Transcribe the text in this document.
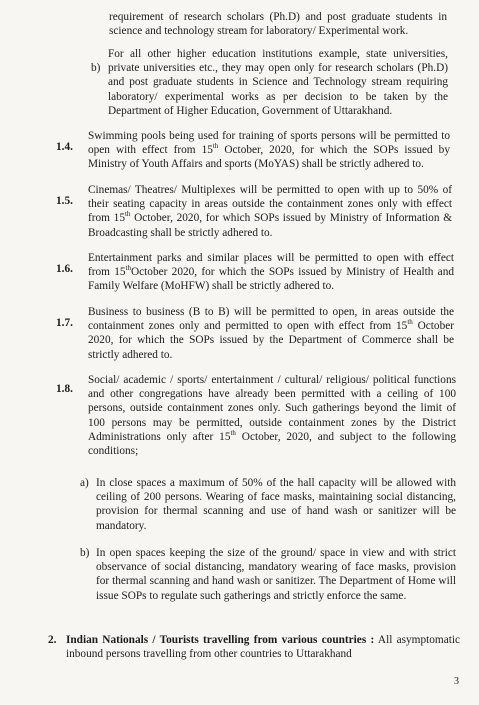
requirement of research scholars (Ph.D) and post graduate students in science and technology stream for laboratory/ Experimental work.

b)

For all other higher education institutions example, state universities, private universities etc., they may open only for research scholars (Ph.D) and post graduate students in Science and Technology stream requiring laboratory/ experimental works as per decision to be taken by the Department of Higher Education, Government of Uttarakhand.

1.4.

Swimming pools being used for training of sports persons will be permitted to open with effect from 15th October, 2020, for which the SOPs issued by Ministry of Youth Affairs and sports (MoYAS) shall be strictly adhered to.

1.5.

Cinemas/ Theatres/ Multiplexes will be permitted to open with up to 50% of their seating capacity in areas outside the containment zones only with effect from 15th October, 2020, for which SOPs issued by Ministry of Information & Broadcasting shall be strictly adhered to.

1.6.

Entertainment parks and similar places will be permitted to open with effect from 15thOctober 2020, for which the SOPs issued by Ministry of Health and Family Welfare (MoHFW) shall be strictly adhered to.

1.7.

Business to business (B to B) will be permitted to open, in areas outside the containment zones only and permitted to open with effect from 15th October 2020, for which the SOPs issued by the Department of Commerce shall be strictly adhered to.

1.8.

Social/ academic / sports/ entertainment / cultural/ religious/ political functions and other congregations have already been permitted with a ceiling of 100 persons, outside containment zones only. Such gatherings beyond the limit of 100 persons may be permitted, outside containment zones by the District Administrations only after 15th October, 2020, and subject to the following conditions;

a) In close spaces a maximum of 50% of the hall capacity will be allowed with ceiling of 200 persons. Wearing of face masks, maintaining social distancing, provision for thermal scanning and use of hand wash or sanitizer will be mandatory.

b) In open spaces keeping the size of the ground/ space in view and with strict observance of social distancing, mandatory wearing of face masks, provision for thermal scanning and hand wash or sanitizer. The Department of Home will issue SOPs to regulate such gatherings and strictly enforce the same.

2. Indian Nationals / Tourists travelling from various countries : All asymptomatic inbound persons travelling from other countries to Uttarakhand

3
